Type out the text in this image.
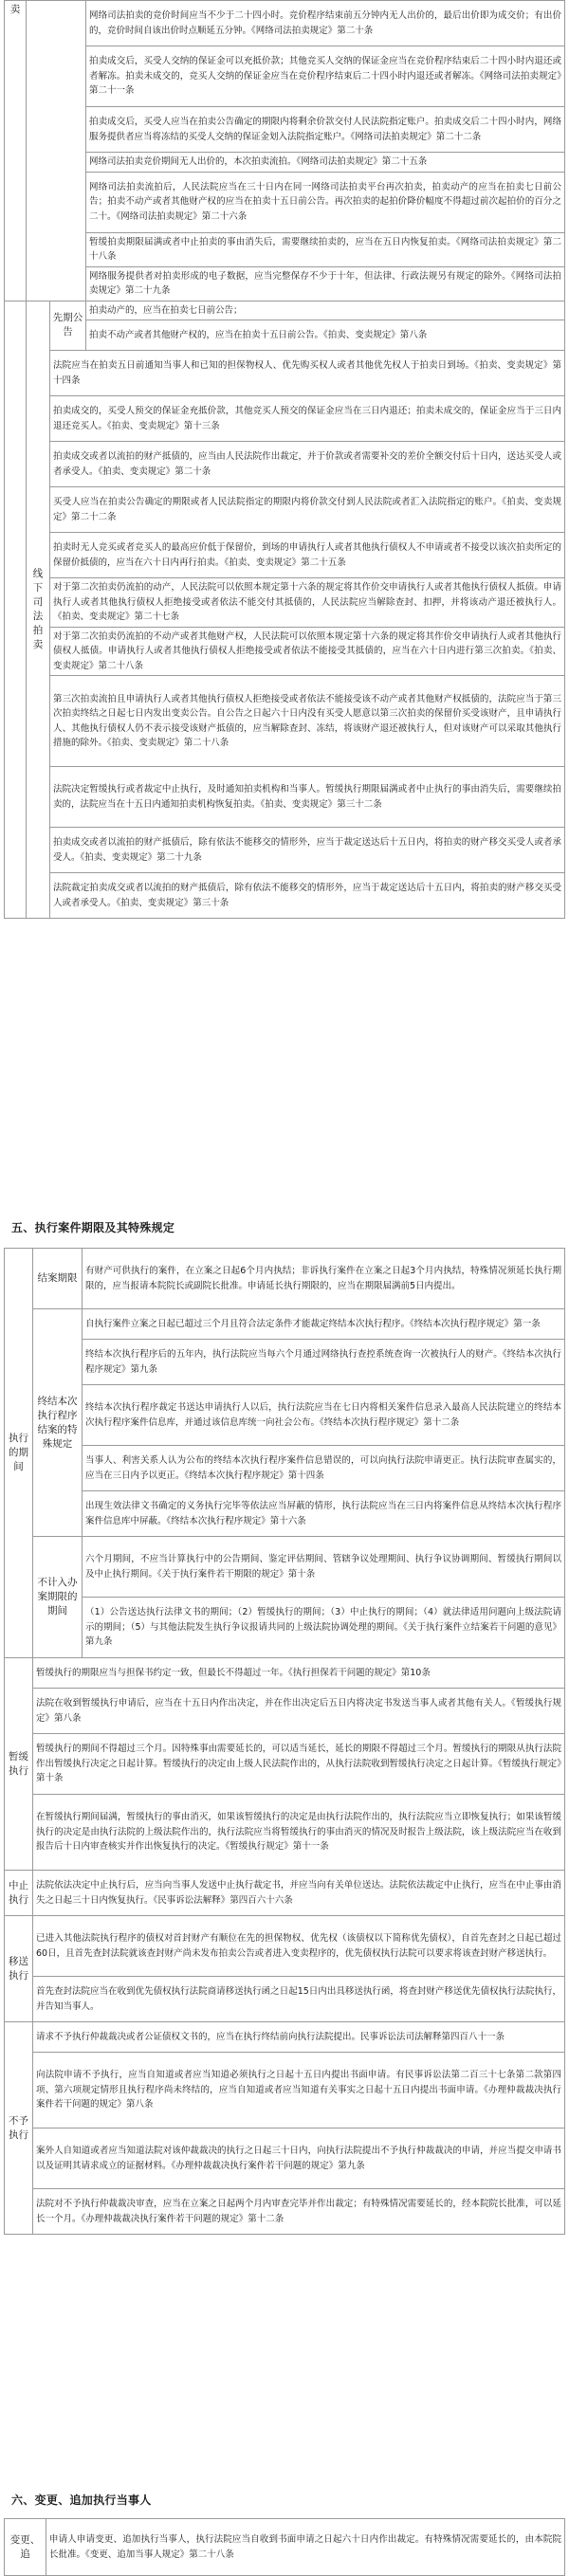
卖			网络司法拍卖的竞价时间应当不少于二十四小时。竞价程序结束前五分钟内无人出价的，最后出价即为成交价；有出价的，竞价时间自该出价时点顺延五分钟。《网络司法拍卖规定》第二十条
			拍卖成交后，买受人交纳的保证金可以充抵价款；其他竞买人交纳的保证金应当在竞价程序结束后二十四小时内退还或者解冻。拍卖未成交的，竞买人交纳的保证金应当在竞价程序结束后二十四小时内退还或者解冻。《网络司法拍卖规定》第二十一条
			拍卖成交后，买受人应当在拍卖公告确定的期限内将剩余价款交付人民法院指定账户。拍卖成交后二十四小时内，网络服务提供者应当将冻结的买受人交纳的保证金划入法院指定账户。《网络司法拍卖规定》第二十二条
			网络司法拍卖竞价期间无人出价的，本次拍卖流拍。《网络司法拍卖规定》第二十五条
			网络司法拍卖流拍后，人民法院应当在三十日内在同一网络司法拍卖平台再次拍卖，拍卖动产的应当在拍卖七日前公告；拍卖不动产或者其他财产权的应当在拍卖十五日前公告。再次拍卖的起拍价降价幅度不得超过前次起拍价的百分之二十。《网络司法拍卖规定》第二十六条
			暂缓拍卖期限届满或者中止拍卖的事由消失后，需要继续拍卖的，应当在五日内恢复拍卖。《网络司法拍卖规定》第二十八条
			网络服务提供者对拍卖形成的电子数据，应当完整保存不少于十年，但法律、行政法规另有规定的除外。《网络司法拍卖规定》第二十九条
	线下司法拍卖	先期公告	拍卖动产的，应当在拍卖七日前公告；
			拍卖不动产或者其他财产权的，应当在拍卖十五日前公告。《拍卖、变卖规定》第八条
		法院应当在拍卖五日前通知当事人和已知的担保物权人、优先购买权人或者其他优先权人于拍卖日到场。《拍卖、变卖规定》第十四条	
		拍卖成交的，买受人预交的保证金充抵价款，其他竞买人预交的保证金应当在三日内退还；拍卖未成交的，保证金应当于三日内退还竞买人。《拍卖、变卖规定》第十三条	
		拍卖成交或者以流拍的财产抵债的，应当由人民法院作出裁定，并于价款或者需要补交的差价全额交付后十日内，送达买受人或者承受人。《拍卖、变卖规定》第二十条	
		买受人应当在拍卖公告确定的期限或者人民法院指定的期限内将价款交付到人民法院或者汇入法院指定的账户。《拍卖、变卖规定》第二十二条	
		拍卖时无人竞买或者竞买人的最高应价低于保留价，到场的申请执行人或者其他执行债权人不申请或者不接受以该次拍卖所定的保留价抵债的，应当在六十日内再行拍卖。《拍卖、变卖规定》第二十五条	
		对于第二次拍卖仍流拍的动产，人民法院可以依照本规定第十六条的规定将其作价交申请执行人或者其他执行债权人抵债。申请执行人或者其他执行债权人拒绝接受或者依法不能交付其抵债的，人民法院应当解除查封、扣押，并将该动产退还被执行人。《拍卖、变卖规定》第二十七条	
		对于第二次拍卖仍流拍的不动产或者其他财产权，人民法院可以依照本规定第十六条的规定将其作价交申请执行人或者其他执行债权人抵债。申请执行人或者其他执行债权人拒绝接受或者依法不能接受其抵债的，应当在六十日内进行第三次拍卖。《拍卖、变卖规定》第二十八条	
		第三次拍卖流拍且申请执行人或者其他执行债权人拒绝接受或者依法不能接受该不动产或者其他财产权抵债的，法院应当于第三次拍卖终结之日起七日内发出变卖公告。自公告之日起六十日内没有买受人愿意以第三次拍卖的保留价买受该财产，且申请执行人、其他执行债权人仍不表示接受该财产抵债的，应当解除查封、冻结，将该财产退还被执行人，但对该财产可以采取其他执行措施的除外。《拍卖、变卖规定》第二十八条	
		法院决定暂缓执行或者裁定中止执行，及时通知拍卖机构和当事人。暂缓执行期限届满或者中止执行的事由消失后，需要继续拍卖的，法院应当在十五日内通知拍卖机构恢复拍卖。《拍卖、变卖规定》第三十二条	
		拍卖成交或者以流拍的财产抵债后，除有依法不能移交的情形外，应当于裁定送达后十五日内，将拍卖的财产移交买受人或者承受人。《拍卖、变卖规定》第二十九条	
		法院裁定拍卖成交或者以流拍的财产抵债后，除有依法不能移交的情形外，应当于裁定送达后十五日内，将拍卖的财产移交买受人或者承受人。《拍卖、变卖规定》第三十条	
五、执行案件期限及其特殊规定
执行的期间	结案期限	有财产可供执行的案件，在立案之日起6个月内执结；非诉执行案件在立案之日起3个月内执结，特殊情况须延长执行期限的，应当报请本院院长或副院长批准。申请延长执行期限的，应当在期限届满前5日内提出。
	终结本次执行程序结案的特殊规定	自执行案件立案之日起已超过三个月且符合法定条件才能裁定终结本次执行程序。《终结本次执行程序规定》第一条
		终结本次执行程序后的五年内，执行法院应当每六个月通过网络执行查控系统查询一次被执行人的财产。《终结本次执行程序规定》第九条
		终结本次执行程序裁定书送达申请执行人以后，执行法院应当在七日内将相关案件信息录入最高人民法院建立的终结本次执行程序案件信息库，并通过该信息库统一向社会公布。《终结本次执行程序规定》第十二条
		当事人、利害关系人认为公布的终结本次执行程序案件信息错误的，可以向执行法院申请更正。执行法院审查属实的，应当在三日内予以更正。《终结本次执行程序规定》第十四条
		出现生效法律文书确定的义务执行完毕等依法应当屏蔽的情形，执行法院应当在三日内将案件信息从终结本次执行程序案件信息库中屏蔽。《终结本次执行程序规定》第十六条
	不计入办案期限的期间	六个月期间，不应当计算执行中的公告期间、鉴定评估期间、管辖争议处理期间、执行争议协调期间、暂缓执行期间以及中止执行期间。《关于执行案件若干期限的规定》第十条
		（1）公告送达执行法律文书的期间；（2）暂缓执行的期间；（3）中止执行的期间；（4）就法律适用问题向上级法院请示的期间；（5）与其他法院发生执行争议报请共同的上级法院协调处理的期间。《关于执行案件立结案若干问题的意见》第九条
暂缓执行	暂缓执行的期限应当与担保书约定一致，但最长不得超过一年。《执行担保若干问题的规定》第10条	
	法院在收到暂缓执行申请后，应当在十五日内作出决定，并在作出决定后五日内将决定书发送当事人或者其他有关人。《暂缓执行规定》第八条	
	暂缓执行的期间不得超过三个月。因特殊事由需要延长的，可以适当延长，延长的期限不得超过三个月。暂缓执行的期限从执行法院作出暂缓执行决定之日起计算。暂缓执行的决定由上级人民法院作出的，从执行法院收到暂缓执行决定之日起计算。《暂缓执行规定》第十条	
	在暂缓执行期间届满，暂缓执行的事由消灭，如果该暂缓执行的决定是由执行法院作出的，执行法院应当立即恢复执行；如果该暂缓执行的决定是由执行法院的上级法院作出的，执行法院应当将暂缓执行的事由消灭的情况及时报告上级法院，该上级法院应当在收到报告后十日内审查核实并作出恢复执行的决定。《暂缓执行规定》第十一条	
中止执行	法院依法决定中止执行后，应当向当事人发送中止执行裁定书，并应当向有关单位送达。法院依法裁定中止执行，应当在中止事由消失之日起三十日内恢复执行。《民事诉讼法解释》第四百六十六条	
移送执行	已进入其他法院执行程序的债权对首封财产有顺位在先的担保物权、优先权（该债权以下简称优先债权），自首先查封之日起已超过60日，且首先查封法院就该查封财产尚未发布拍卖公告或者进入变卖程序的，优先债权执行法院可以要求将该查封财产移送执行。	
	首先查封法院应当在收到优先债权执行法院商请移送执行函之日起15日内出具移送执行函，将查封财产移送优先债权执行法院执行，并告知当事人。	
不予执行	请求不予执行仲裁裁决或者公证债权文书的，应当在执行终结前向执行法院提出。民事诉讼法司法解释第四百八十一条	
	向法院申请不予执行，应当自知道或者应当知道必须执行之日起十五日内提出书面申请。有民事诉讼法第二百三十七条第二款第四项、第六项规定情形且执行程序尚未终结的，应当自知道或者应当知道有关事实之日起十五日内提出书面申请。《办理仲裁裁决执行案件若干问题的规定》第八条	
	案外人自知道或者应当知道法院对该仲裁裁决的执行之日起三十日内，向执行法院提出不予执行仲裁裁决的申请，并应当提交申请书以及证明其请求成立的证据材料。《办理仲裁裁决执行案件若干问题的规定》第九条	
	法院对不予执行仲裁裁决审查，应当在立案之日起两个月内审查完毕并作出裁定；有特殊情况需要延长的，经本院院长批准，可以延长一个月。《办理仲裁裁决执行案件若干问题的规定》第十二条	
六、变更、追加执行当事人
变更、追	申请人申请变更、追加执行当事人，执行法院应当自收到书面申请之日起六十日内作出裁定。有特殊情况需要延长的，由本院院长批准。《变更、追加当事人规定》第二十八条
